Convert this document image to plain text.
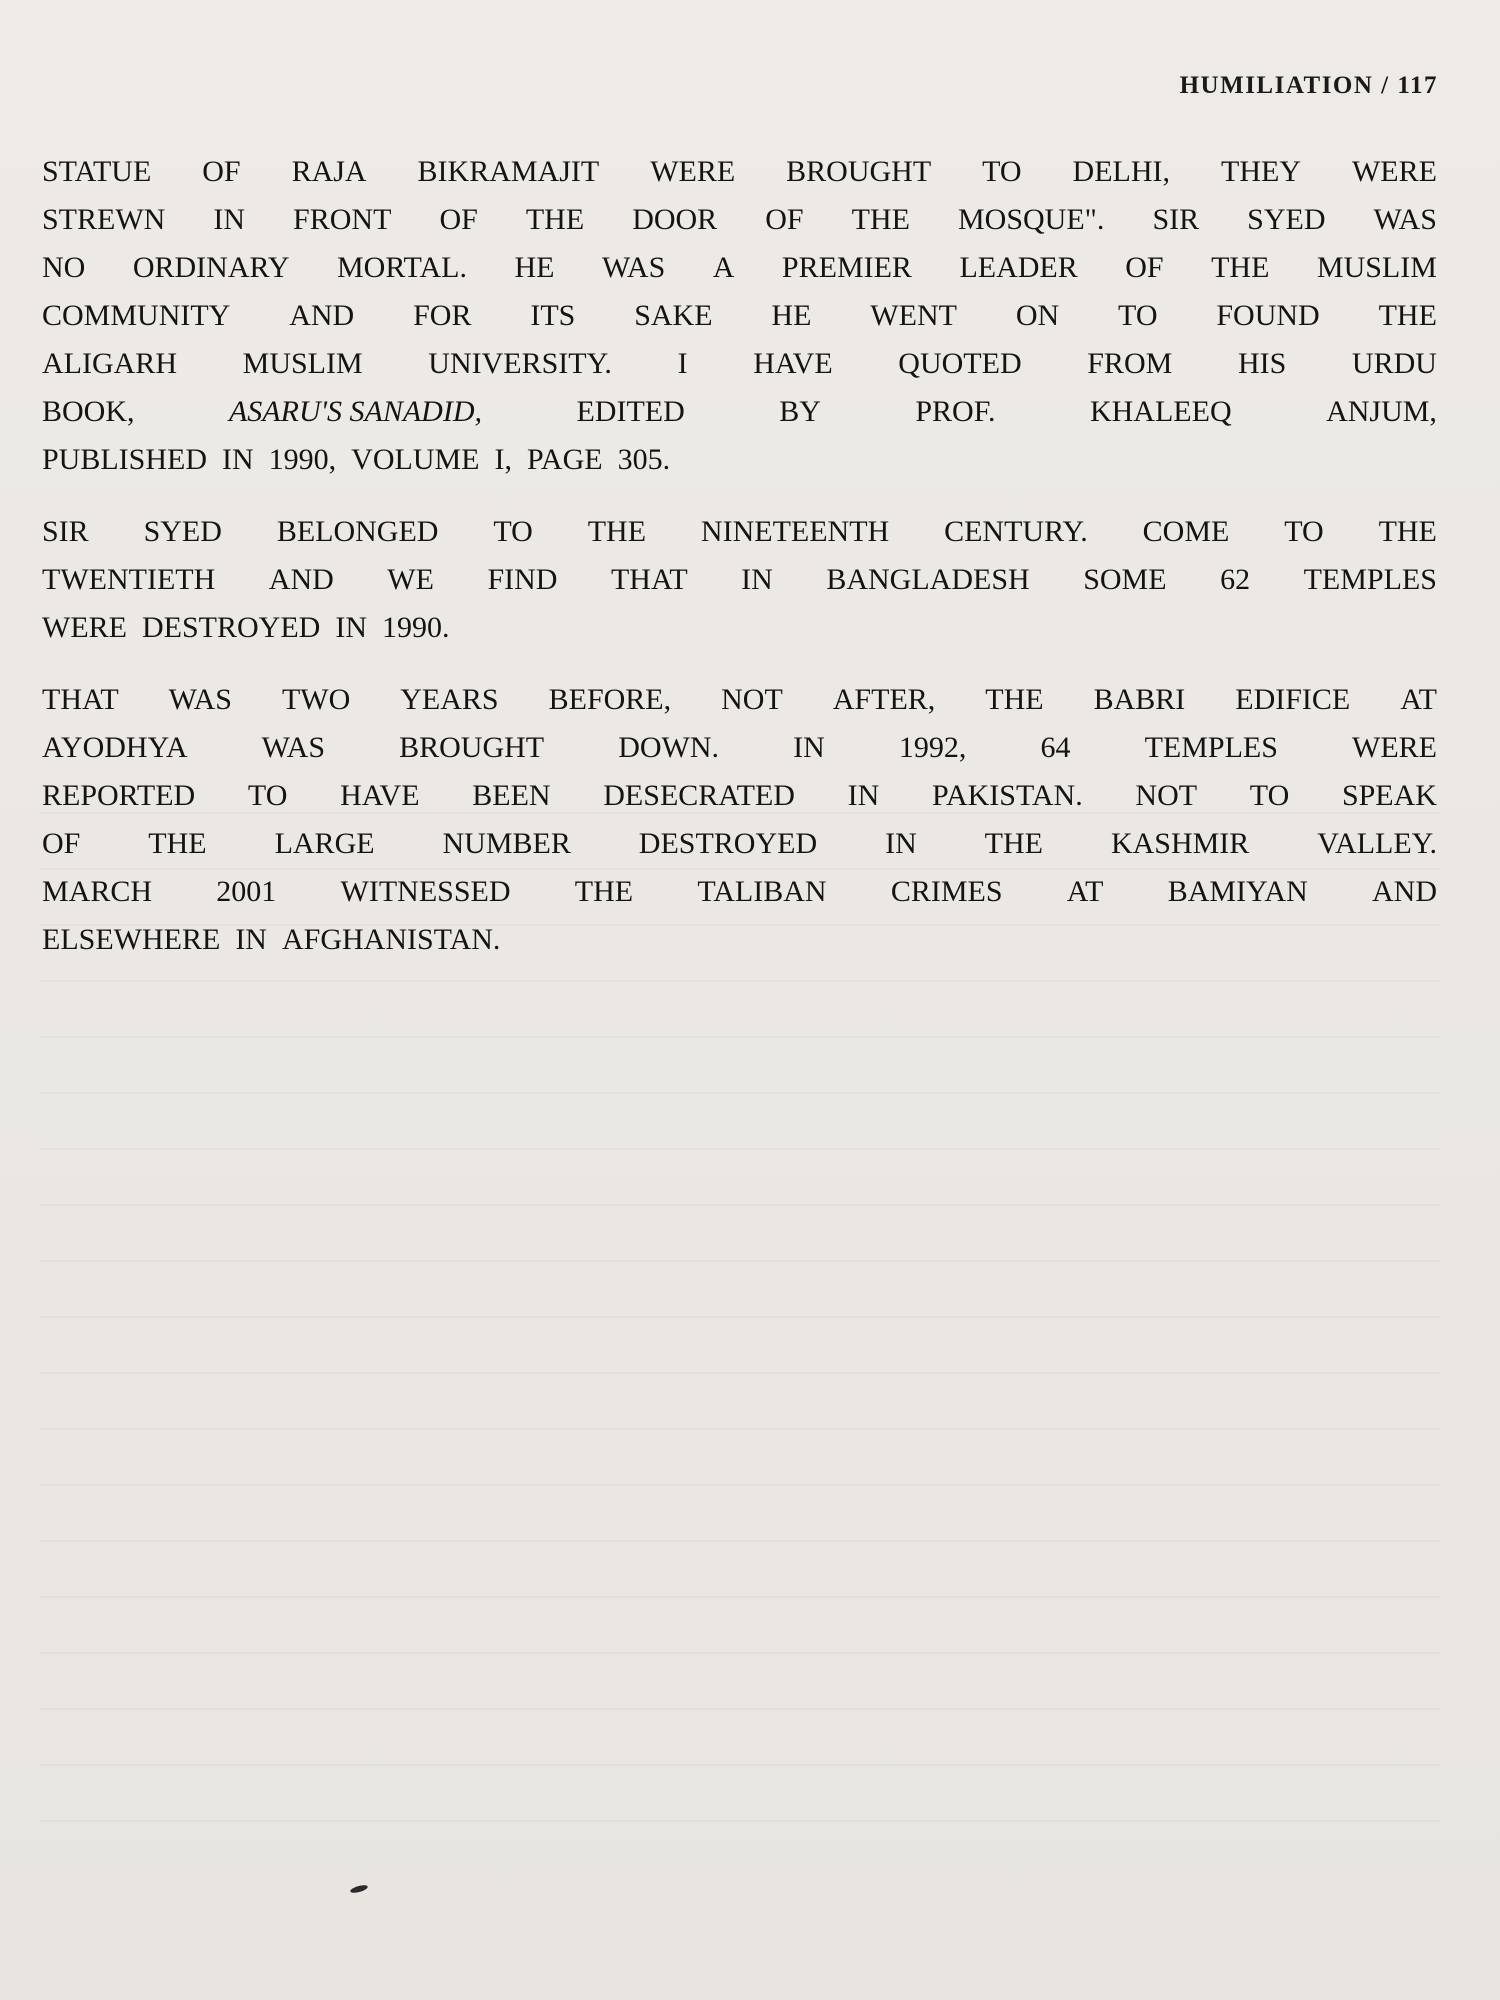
HUMILIATION / 117

STATUE OF RAJA BIKRAMAJIT WERE BROUGHT TO DELHI, THEY WERE
STREWN IN FRONT OF THE DOOR OF THE MOSQUE". SIR SYED WAS
NO ORDINARY MORTAL. HE WAS A PREMIER LEADER OF THE MUSLIM
COMMUNITY AND FOR ITS SAKE HE WENT ON TO FOUND THE
ALIGARH MUSLIM UNIVERSITY. I HAVE QUOTED FROM HIS URDU
BOOK,	ASARU'S SANADID,	EDITED	BY	PROF.	KHALEEQ	ANJUM,
PUBLISHED IN 1990, VOLUME I, PAGE 305.
SIR SYED BELONGED TO THE NINETEENTH CENTURY. COME TO THE
TWENTIETH AND WE FIND THAT IN BANGLADESH SOME 62 TEMPLES
WERE DESTROYED IN 1990.
THAT WAS TWO YEARS BEFORE, NOT AFTER, THE BABRI EDIFICE AT
AYODHYA WAS BROUGHT DOWN. IN 1992, 64 TEMPLES WERE
REPORTED TO HAVE BEEN DESECRATED IN PAKISTAN. NOT TO SPEAK
OF THE LARGE NUMBER DESTROYED IN THE KASHMIR VALLEY.
MARCH 2001 WITNESSED THE TALIBAN CRIMES AT BAMIYAN AND
ELSEWHERE IN AFGHANISTAN.
